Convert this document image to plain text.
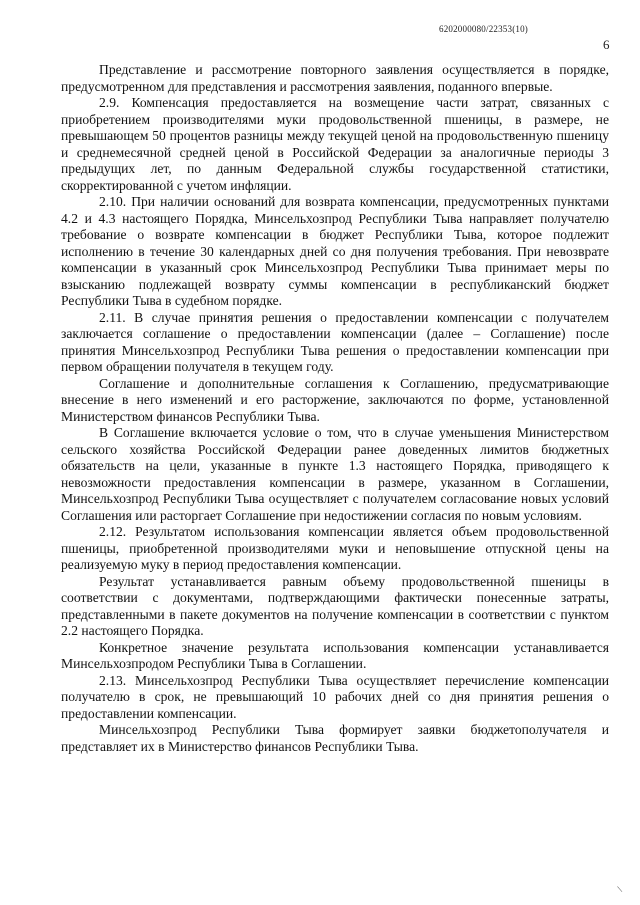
6202000080/22353(10)
6

Представление и рассмотрение повторного заявления осуществляется в порядке, предусмотренном для представления и рассмотрения заявления, поданного впервые.

2.9. Компенсация предоставляется на возмещение части затрат, связанных с приобретением производителями муки продовольственной пшеницы, в размере, не превышающем 50 процентов разницы между текущей ценой на продовольственную пшеницу и среднемесячной средней ценой в Российской Федерации за аналогичные периоды 3 предыдущих лет, по данным Федеральной службы государственной статистики, скорректированной с учетом инфляции.

2.10. При наличии оснований для возврата компенсации, предусмотренных пунктами 4.2 и 4.3 настоящего Порядка, Минсельхозпрод Республики Тыва направляет получателю требование о возврате компенсации в бюджет Республики Тыва, которое подлежит исполнению в течение 30 календарных дней со дня получения требования. При невозврате компенсации в указанный срок Минсельхозпрод Республики Тыва принимает меры по взысканию подлежащей возврату суммы компенсации в республиканский бюджет Республики Тыва в судебном порядке.

2.11. В случае принятия решения о предоставлении компенсации с получателем заключается соглашение о предоставлении компенсации (далее – Соглашение) после принятия Минсельхозпрод Республики Тыва решения о предоставлении компенсации при первом обращении получателя в текущем году.

Соглашение и дополнительные соглашения к Соглашению, предусматривающие внесение в него изменений и его расторжение, заключаются по форме, установленной Министерством финансов Республики Тыва.

В Соглашение включается условие о том, что в случае уменьшения Министерством сельского хозяйства Российской Федерации ранее доведенных лимитов бюджетных обязательств на цели, указанные в пункте 1.3 настоящего Порядка, приводящего к невозможности предоставления компенсации в размере, указанном в Соглашении, Минсельхозпрод Республики Тыва осуществляет с получателем согласование новых условий Соглашения или расторгает Соглашение при недостижении согласия по новым условиям.

2.12. Результатом использования компенсации является объем продовольственной пшеницы, приобретенной производителями муки и неповышение отпускной цены на реализуемую муку в период предоставления компенсации.

Результат устанавливается равным объему продовольственной пшеницы в соответствии с документами, подтверждающими фактически понесенные затраты, представленными в пакете документов на получение компенсации в соответствии с пунктом 2.2 настоящего Порядка.

Конкретное значение результата использования компенсации устанавливается Минсельхозпродом Республики Тыва в Соглашении.

2.13. Минсельхозпрод Республики Тыва осуществляет перечисление компенсации получателю в срок, не превышающий 10 рабочих дней со дня принятия решения о предоставлении компенсации.

Минсельхозпрод Республики Тыва формирует заявки бюджетополучателя и представляет их в Министерство финансов Республики Тыва.

/
